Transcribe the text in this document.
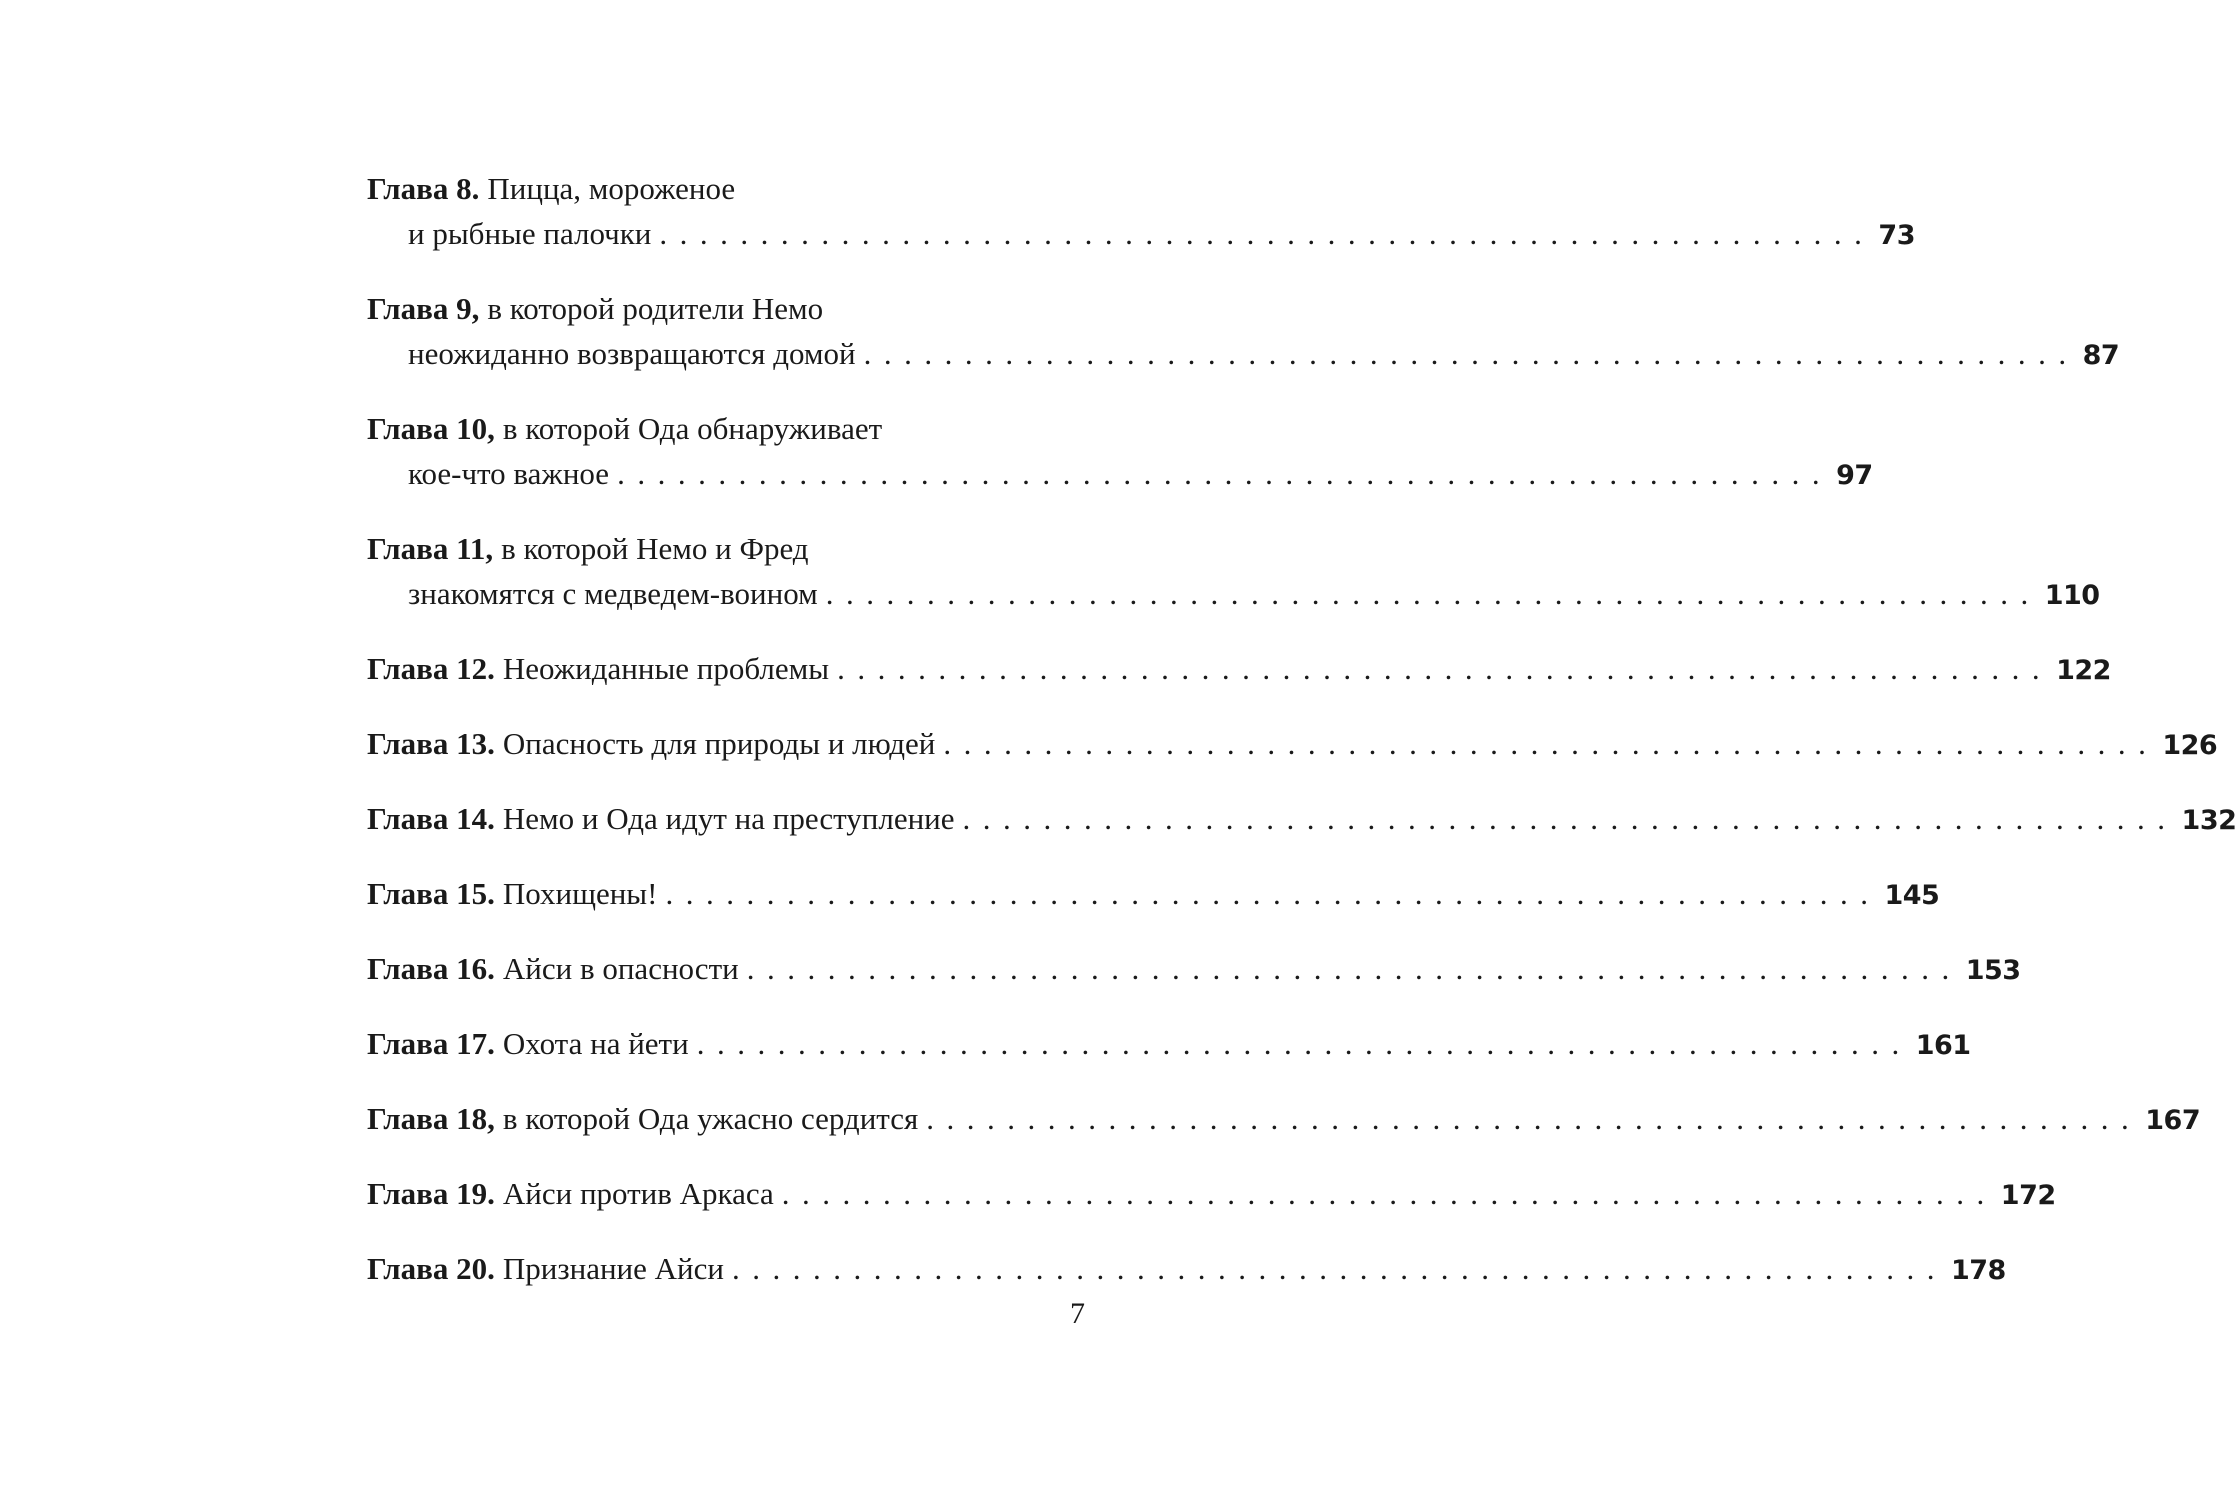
Глава 8. Пицца, мороженое
и рыбные палочки ............................................................ 73
Глава 9, в которой родители Немо
неожиданно возвращаются домой ............................................................ 87
Глава 10, в которой Ода обнаруживает
кое-что важное ............................................................ 97
Глава 11, в которой Немо и Фред
знакомятся с медведем-воином ............................................................ 110
Глава 12. Неожиданные проблемы ............................................................ 122
Глава 13. Опасность для природы и людей ............................................................ 126
Глава 14. Немо и Ода идут на преступление ............................................................ 132
Глава 15. Похищены! ............................................................ 145
Глава 16. Айси в опасности ............................................................ 153
Глава 17. Охота на йети ............................................................ 161
Глава 18, в которой Ода ужасно сердится ............................................................ 167
Глава 19. Айси против Аркаса ............................................................ 172
Глава 20. Признание Айси ............................................................ 178
7
